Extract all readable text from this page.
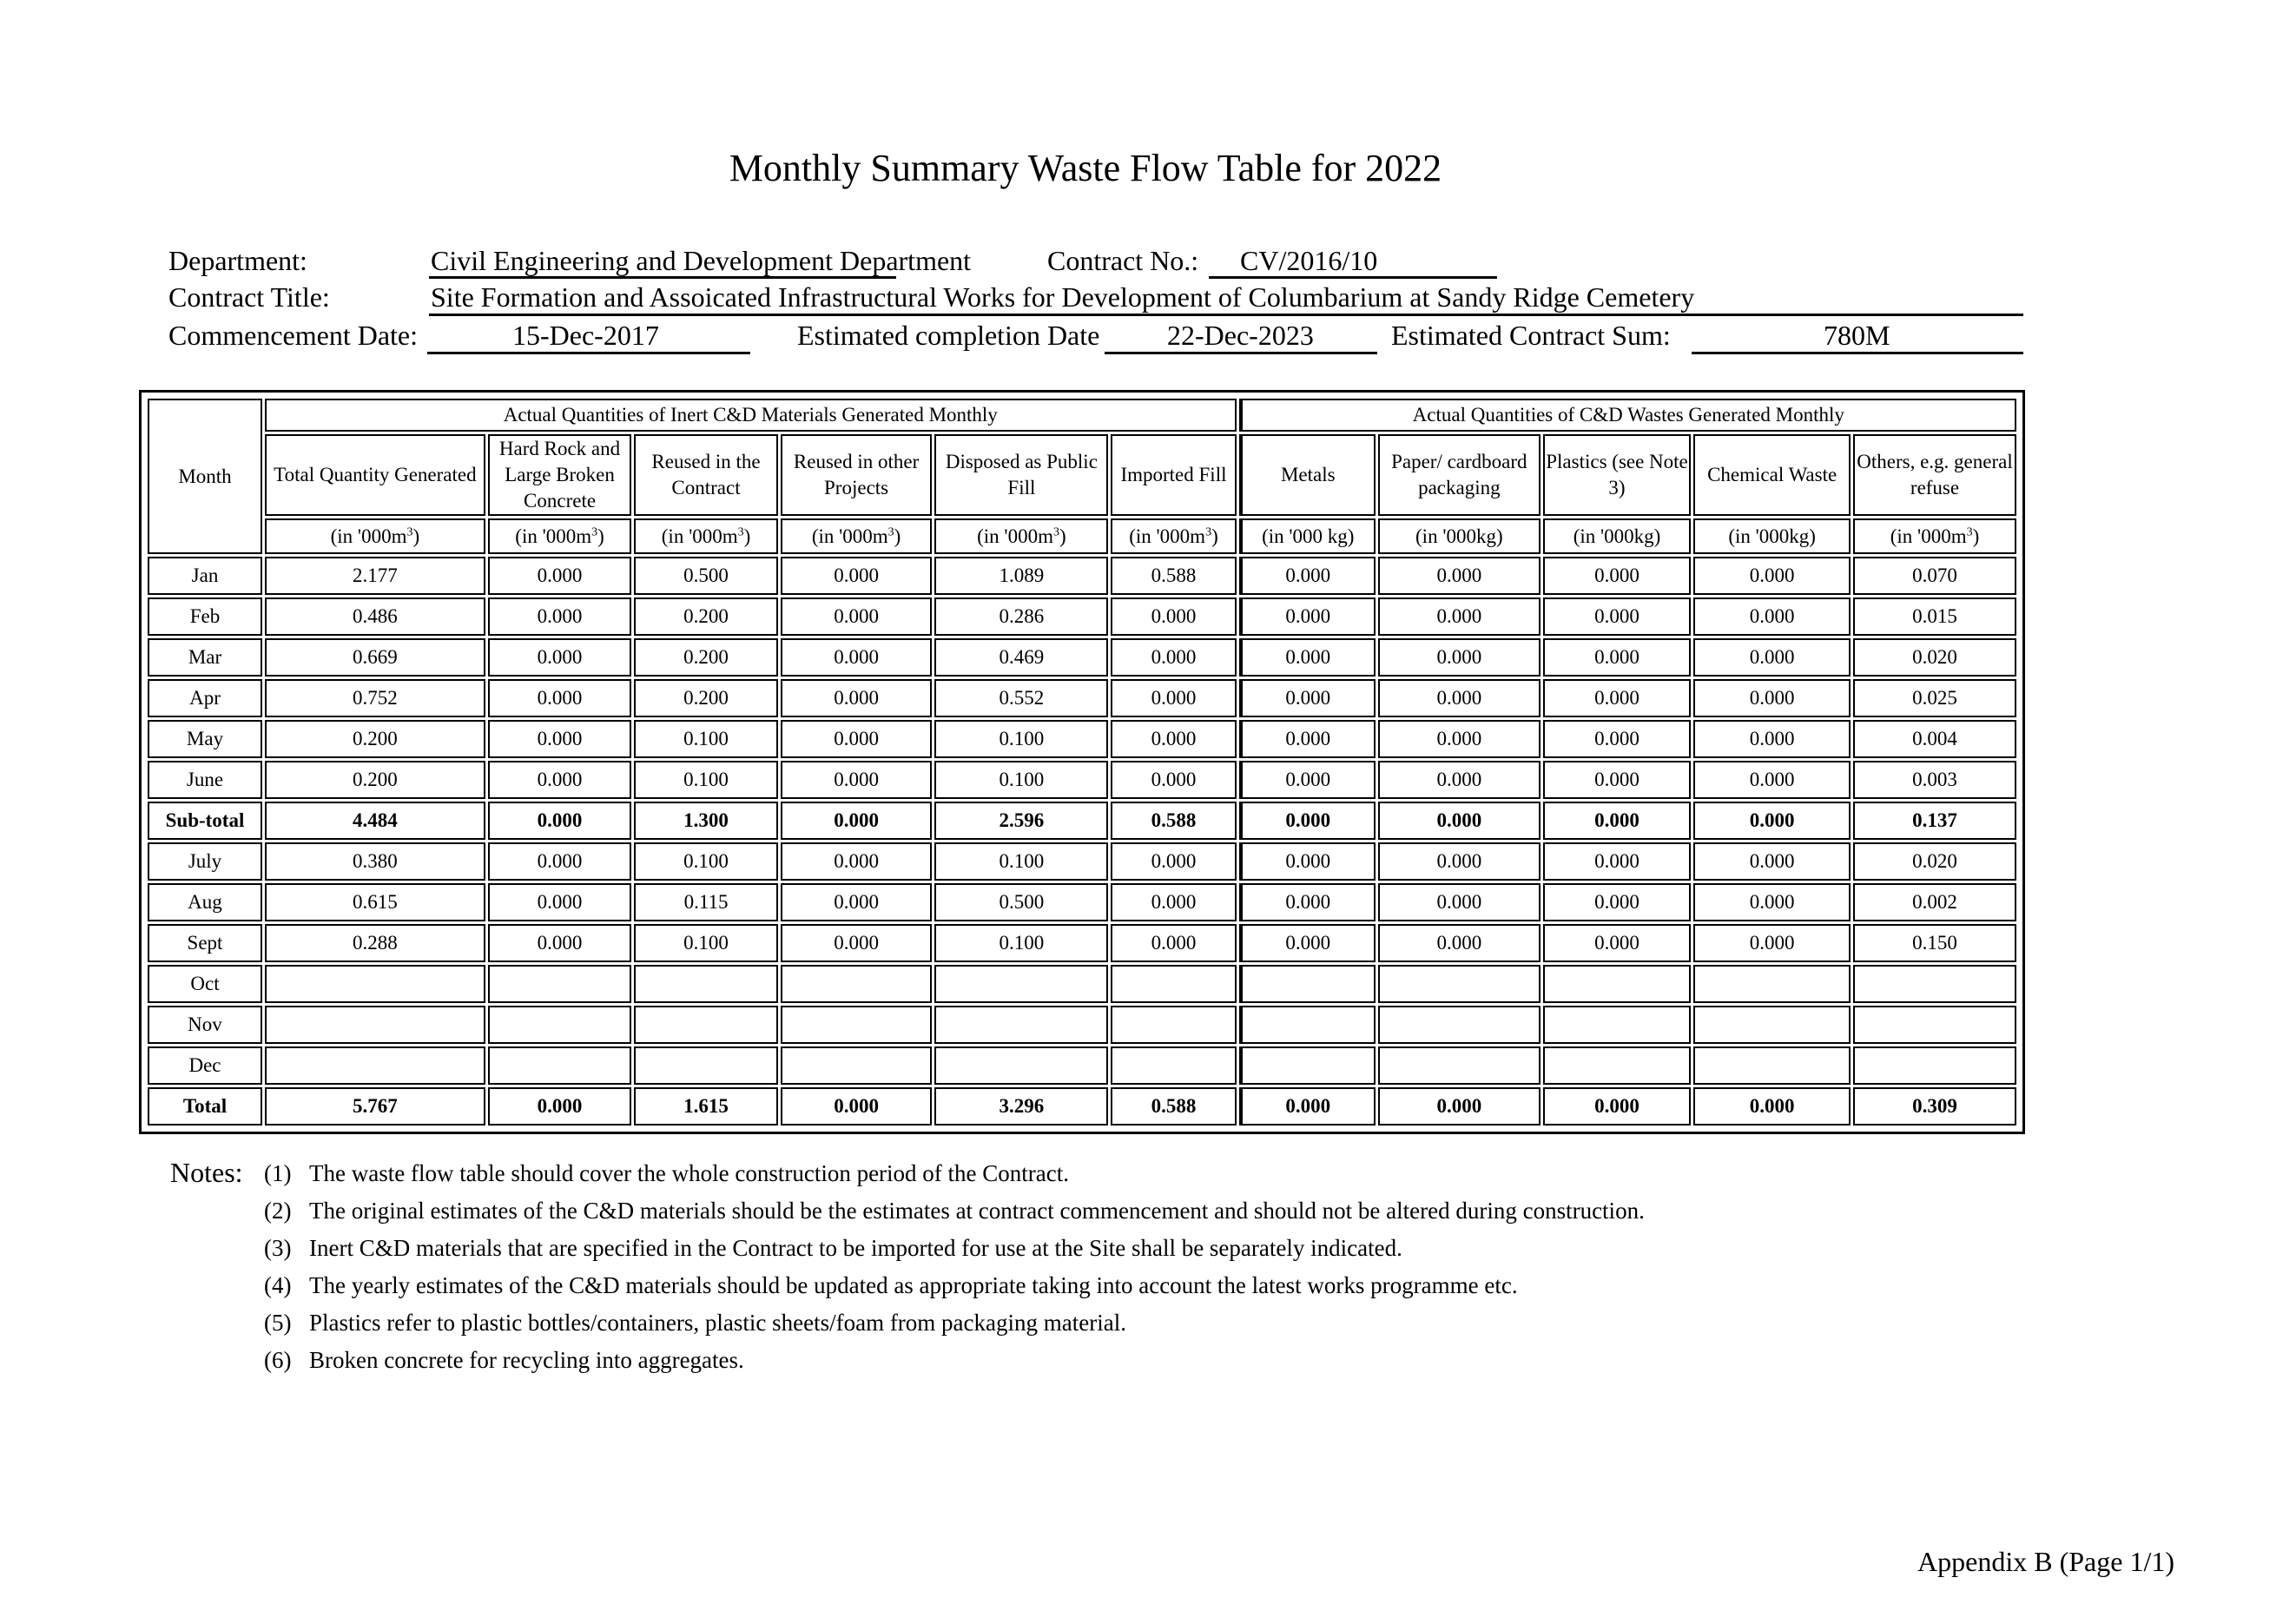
Monthly Summary Waste Flow Table for 2022
Department:	Civil Engineering and Development Department	Contract No.: CV/2016/10
Contract Title:	Site Formation and Assoicated Infrastructural Works for Development of Columbarium at Sandy Ridge Cemetery
Commencement Date:	15-Dec-2017	Estimated completion Date	22-Dec-2023	Estimated Contract Sum:	780M
Month	Actual Quantities of Inert C&D Materials Generated Monthly						Actual Quantities of C&D Wastes Generated Monthly				
	Total Quantity Generated	Hard Rock and Large Broken Concrete	Reused in the Contract	Reused in other Projects	Disposed as Public Fill	Imported Fill	Metals	Paper/ cardboard packaging	Plastics (see Note 3)	Chemical Waste	Others, e.g. general refuse
	(in '$000m^3$)	(in '$000m^3$)	(in '$000m^3$)	(in '$000m^3$)	(in '$000m^3$)	(in '$000m^3$)	(in '000 kg)	(in '000kg)	(in '000kg)	(in '000kg)	(in '$000m^3$)
Jan	2.177	0.000	0.500	0.000	1.089	0.588	0.000	0.000	0.000	0.000	0.070
Feb	0.486	0.000	0.200	0.000	0.286	0.000	0.000	0.000	0.000	0.000	0.015
Mar	0.669	0.000	0.200	0.000	0.469	0.000	0.000	0.000	0.000	0.000	0.020
Apr	0.752	0.000	0.200	0.000	0.552	0.000	0.000	0.000	0.000	0.000	0.025
May	0.200	0.000	0.100	0.000	0.100	0.000	0.000	0.000	0.000	0.000	0.004
June	0.200	0.000	0.100	0.000	0.100	0.000	0.000	0.000	0.000	0.000	0.003
Sub-total	4.484	0.000	1.300	0.000	2.596	0.588	0.000	0.000	0.000	0.000	0.137
July	0.380	0.000	0.100	0.000	0.100	0.000	0.000	0.000	0.000	0.000	0.020
Aug	0.615	0.000	0.115	0.000	0.500	0.000	0.000	0.000	0.000	0.000	0.002
Sept	0.288	0.000	0.100	0.000	0.100	0.000	0.000	0.000	0.000	0.000	0.150
Oct											
Nov											
Dec											
Total	5.767	0.000	1.615	0.000	3.296	0.588	0.000	0.000	0.000	0.000	0.309
Notes: (1) The waste flow table should cover the whole construction period of the Contract.
(2) The original estimates of the C&D materials should be the estimates at contract commencement and should not be altered during construction.
(3) Inert C&D materials that are specified in the Contract to be imported for use at the Site shall be separately indicated.
(4) The yearly estimates of the C&D materials should be updated as appropriate taking into account the latest works programme etc.
(5) Plastics refer to plastic bottles/containers, plastic sheets/foam from packaging material.
(6) Broken concrete for recycling into aggregates.
Appendix B (Page 1/1)
